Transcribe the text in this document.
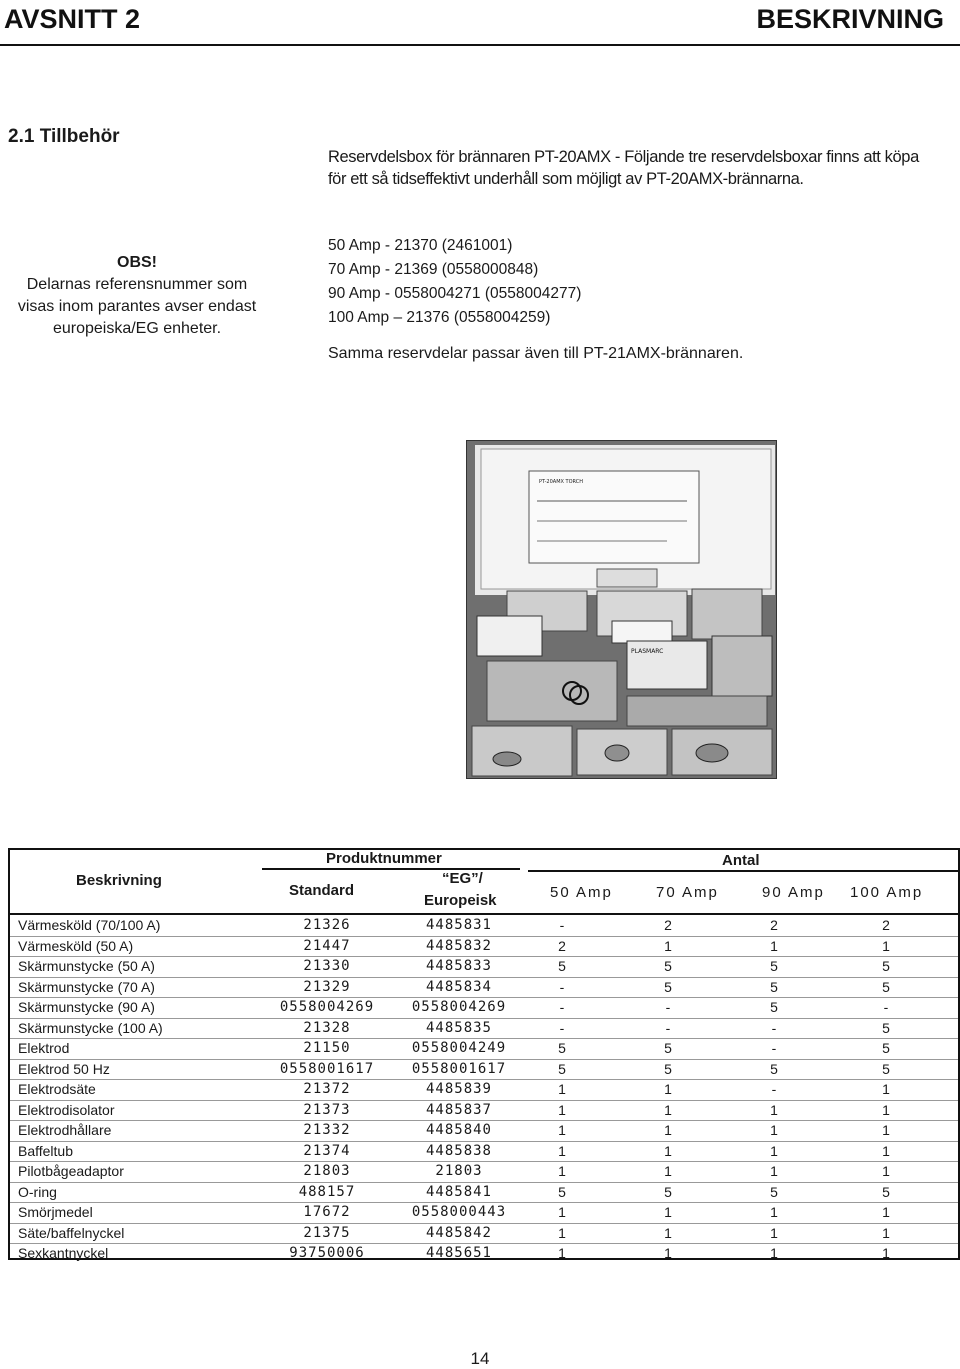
AVSNITT 2	BESKRIVNING
2.1 Tillbehör
Reservdelsbox för brännaren PT-20AMX - Följande tre reservdelsboxar finns att köpa
för ett så tidseffektivt underhåll som möjligt av PT-20AMX-brännarna.
OBS!
Delarnas referensnummer som
visas inom parantes avser endast
europeiska/EG enheter.
50 Amp - 21370 (2461001)
70 Amp - 21369 (0558000848)
90 Amp - 0558004271 (0558004277)
100 Amp – 21376 (0558004259)
Samma reservdelar passar även till PT-21AMX-brännaren.
PT-20AMX TORCH
PLASMARC
Beskrivning
Produktnummer
Standard
“EG”/
Europeisk
Antal
50 Amp	70 Amp	90 Amp 100 Amp
Värmesköld (70/100 A)	21326	4485831	-	2	2	2
Värmesköld (50 A)	21447	4485832	2	1	1	1
Skärmunstycke (50 A)	21330	4485833	5	5	5	5
Skärmunstycke (70 A)	21329	4485834	-	5	5	5
Skärmunstycke (90 A)	0558004269	0558004269	-	-	5	-
Skärmunstycke (100 A)	21328	4485835	-	-	-	5
Elektrod	21150	0558004249	5	5	-	5
Elektrod 50 Hz	0558001617	0558001617	5	5	5	5
Elektrodsäte	21372	4485839	1	1	-	1
Elektrodisolator	21373	4485837	1	1	1	1
Elektrodhållare	21332	4485840	1	1	1	1
Baffeltub	21374	4485838	1	1	1	1
Pilotbågeadaptor	21803	21803	1	1	1	1
O-ring	488157	4485841	5	5	5	5
Smörjmedel	17672	0558000443	1	1	1	1
Säte/baffelnyckel	21375	4485842	1	1	1	1
Sexkantnyckel	93750006	4485651	1	1	1	1
14
